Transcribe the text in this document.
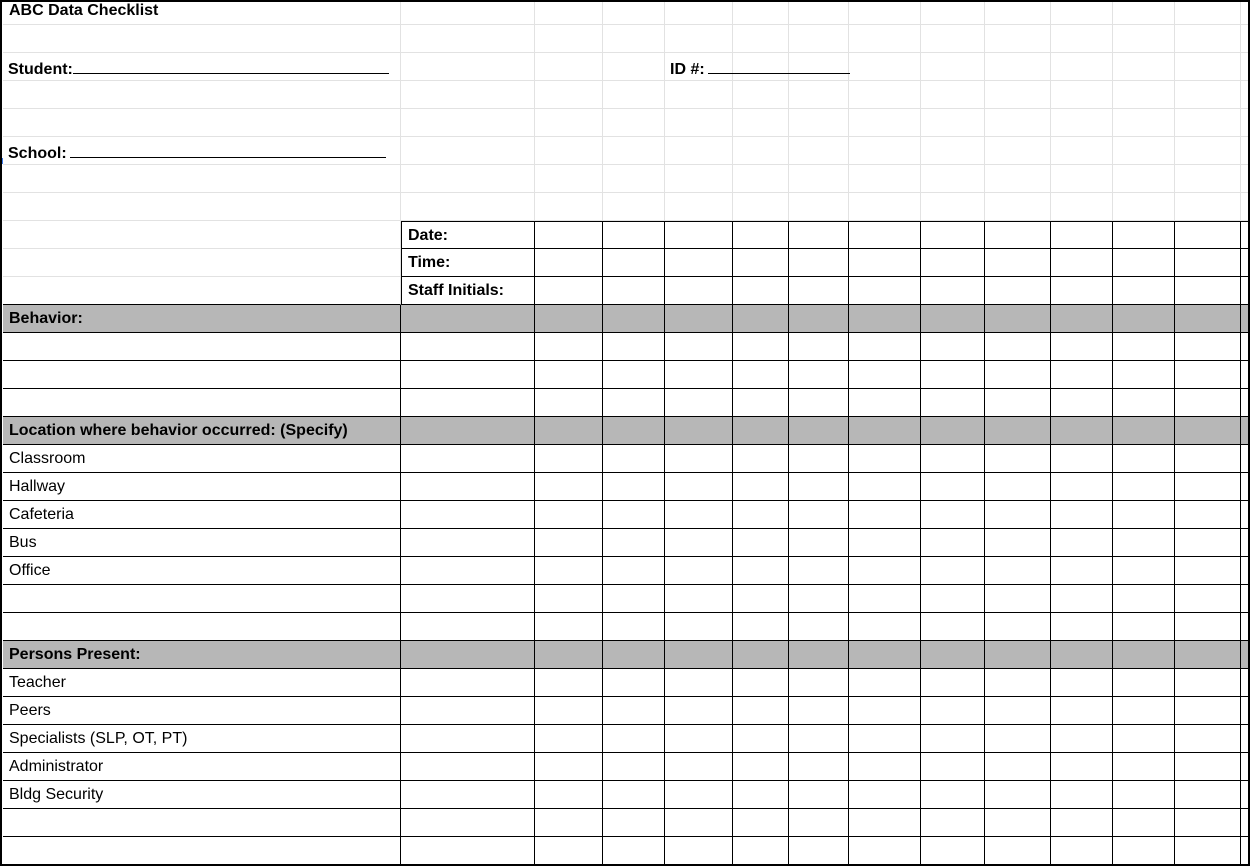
ABC Data Checklist
Date:
Time:
Staff Initials:
Behavior:
Location where behavior occurred: (Specify)
Classroom
Hallway
Cafeteria
Bus
Office
Persons Present:
Teacher
Peers
Specialists (SLP, OT, PT)
Administrator
Bldg Security
Student:	ID #:
School:
